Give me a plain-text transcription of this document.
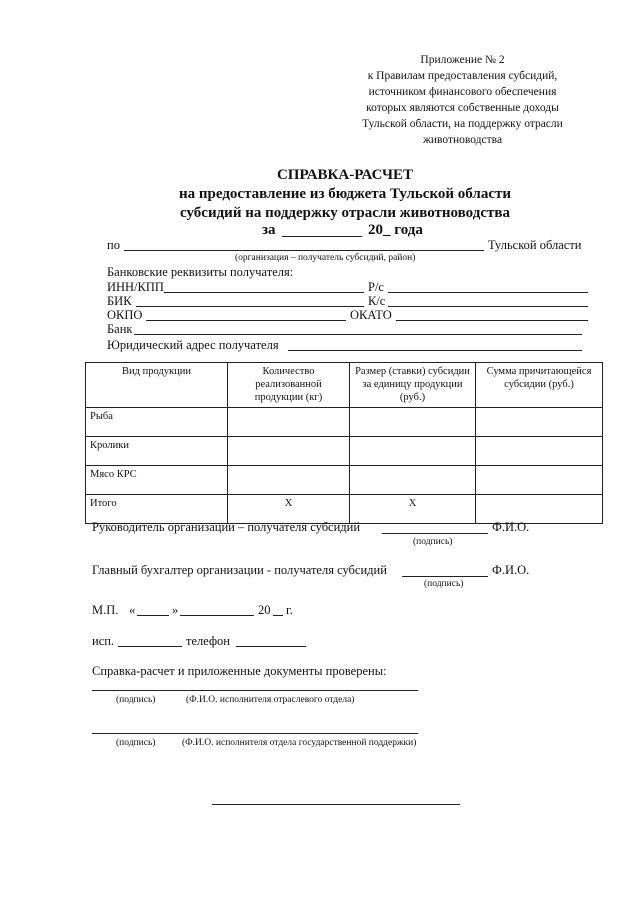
Приложение № 2
к Правилам предоставления субсидий,
источником финансового обеспечения
которых являются собственные доходы
Тульской области, на поддержку отрасли
животноводства
СПРАВКА-РАСЧЕТ
на предоставление из бюджета Тульской области
субсидий на поддержку отрасли животноводства
за	20_ года
по	Тульской области
(организация – получатель субсидий, район)
Банковские реквизиты получателя:
ИНН/КПП	Р/с
БИК	К/с
ОКПО	ОКАТО
Банк
Юридический адрес получателя
Вид продукции	Количество реализованной продукции (кг)	Размер (ставки) субсидии за единицу продукции (руб.)	Сумма причитающейся субсидии (руб.)
Рыба			
Кролики			
Мясо КРС			
Итого	Х	Х	
Руководитель организации – получателя субсидий	Ф.И.О.
(подпись)
Главный бухгалтер организации - получателя субсидий	Ф.И.О.
(подпись)
М.П. «	»	20 г.
исп.	телефон
Справка-расчет и приложенные документы проверены:
(подпись)	(Ф.И.О. исполнителя отраслевого отдела)
(подпись)	(Ф.И.О. исполнителя отдела государственной поддержки)
